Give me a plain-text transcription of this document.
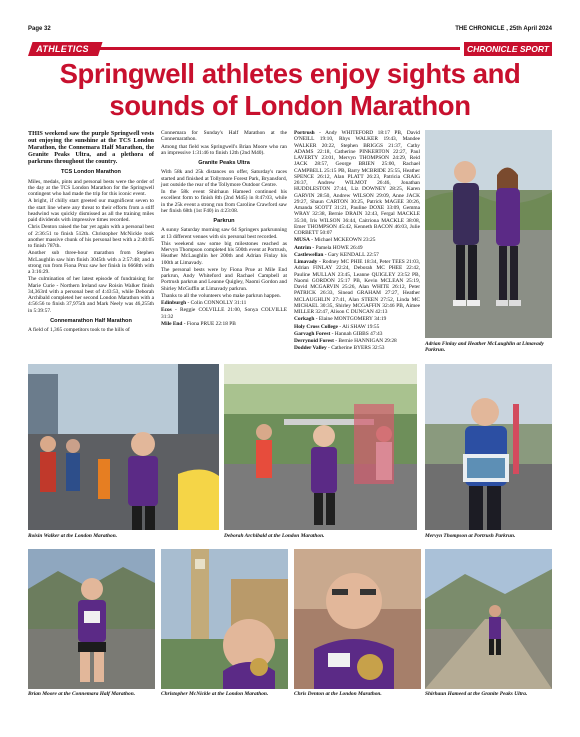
Page 32	THE CHRONICLE , 25th April 2024
ATHLETICS	CHRONICLE SPORT
Springwell athletes enjoy sights and sounds of London Marathon

THIS weekend saw the purple Springwell vests out enjoying the sunshine at the TCS London Marathon, the Connemara Half Marathon, the Granite Peaks Ultra, and a plethora of parkruns throughout the country.

TCS London Marathon

Miles, medals, pints and personal bests were the order of the day at the TCS London Marathon for the Springwell contingent who had made the trip for this iconic event.

A bright, if chilly start greeted our magnificent seven to the start line where any threat to their efforts from a stiff headwind was quickly dismissed as all the training miles paid dividends with impressive times recorded.

Chris Denton raised the bar yet again with a personal best of 2:36:51 to finish 512th. Christopher McNickle took another massive chunk of his personal best with a 2:40:05 to finish 787th.

Another sub three-hour marathon from Stephen McLaughlin saw him finish 3045th with a 2:57:48; and a strong run from Fiona Pruz saw her finish in 6668th with a 3:16:29.

The culmination of her latest episode of fundraising for Marie Curie - Northern Ireland saw Roisin Walker finish 34,363rd with a personal best of 4:43:53, while Deborah Archibald completed her second London Marathon with a 4:56:56 to finish 37,975th and Mark Neely was 46,255th in 5:39:57.

Connemarathon Half Marathon

A field of 1,365 competitors took to the hills of

Connemara for Sunday's Half Marathon at the Connemarathon.

Among that field was Springwell's Brian Moore who ran an impressive 1:31:46 to finish 12th (2nd M40).

Granite Peaks Ultra

With 58k and 25k distances on offer, Saturday's races started and finished at Tollymore Forest Park, Bryansford, just outside the rear of the Tollymore Outdoor Centre.

In the 58k event Shirhaun Hameed continued his excellent form to finish 8th (2nd M45) in 8:47:03, while in the 25k event a strong run from Caroline Crawford saw her finish 68th (1st F40) in 4:23:08.

Parkrun

A sunny Saturday morning saw 64 Springers parkrunning at 13 different venues with six personal best recorded.

This weekend saw some big milestones reached as Mervyn Thompson completed his 500th event at Portrush, Heather McLaughlin her 200th and Adrian Finlay his 100th at Limavady.

The personal bests were by Fiona Prue at Mile End parkrun, Andy Whiteford and Rachael Campbell at Portrush parkrun and Leanne Quigley, Naomi Gordon and Shirley McGuffin at Limavady parkrun.

Thanks to all the volunteers who make parkrun happen.

Edinburgh - Colin CONNOLLY 31:11

Ecos - Reggie COLVILLE 21:00, Sonya COLVILLE 31:32

Mile End - Fiona PRUE 22:18 PB

Portrush - Andy WHITEFORD 18:17 PB, David O'NEILL 19:10, Rhys WALKER 19:43, Mandee WALKER 20:22, Stephen BRIGGS 21:37, Cathy ADAMS 22:18, Catherine PINKERTON 22:27, Paul LAVERTY 23:01, Mervyn THOMPSON 24:29, Reid JACK 28:57, George BRIEN 25:00, Rachael CAMPBELL 25:15 PB, Barry MCBRIDE 25:55, Heather SPENCE 26:12, Alan PLATT 26:23, Patricia CRAIG 26:37, Andrew WILMOT 26:46, Jonathan HUDDLESTON 27:44, Liz DOWNEY 28:25, Karen GARVIN 28:50, Andrew WILSON 29:09, Anne JACK 29:27, Shaun CARTON 30:25, Patrick MAGEE 30:26, Amanda SCOTT 31:21, Pauline DOXE 33:09, Gemma WRAY 32:38, Bernie DRAIN 32:43, Fergal MACKLE 35:30, Iris WILSON 36:44, Caitriona MACKLE 38:08, Emer THOMPSON 45:42, Kenneth BACON 46:03, Julie CORBETT 50:07

MUSA - Michael MCKEOWN 23:25

Antrim - Pamela HOWE 26:49

Castlewellan - Gary KENDALL 22:57

Limavady - Rodney MC PHIE 18:34, Peter TEES 21:03, Adrian FINLAY 22:24, Deborah MC PHEE 22:42, Pauline MULLAN 23:45, Leanne QUIGLEY 23:52 PB, Naomi GORDON 25:17 PB, Kevin MCLEAN 25:19, David MCGARVIN 25:26, Alan WHITE 26:12, Peter PATRICK 26:33, Sinead GRAHAM 27:27, Heather MCLAUGHLIN 27:41, Alan STEEN 27:52, Linda MC MICHAEL 30:35, Shirley MCGAFFIN 32:46 PB, Aimee MILLER 32:47, Alison C DUNCAN 42:13

Corkagh - Elaine MONTGOMERY 34:19

Holy Cross College - Ali SHAW 19:55

Garvagh Forest - Hannah GIBBS 47:43

Derrynoid Forest - Bernie HANNIGAN 29:28

Dodder Valley - Catherine BYERS 32:53

Adrian Finlay and Heather McLaughlin at Limavady Parkrun.
Roisin Walker at the London Marathon.	Deborah Archibald at the London Marathon.	Mervyn Thompson at Portrush Parkrun.
Brian Moore at the Connemara Half Marathon.	Christopher McNickle at the London Marathon.	Chris Denton at the London Marathon.	Shirhaun Hameed at the Granite Peaks Ultra.
